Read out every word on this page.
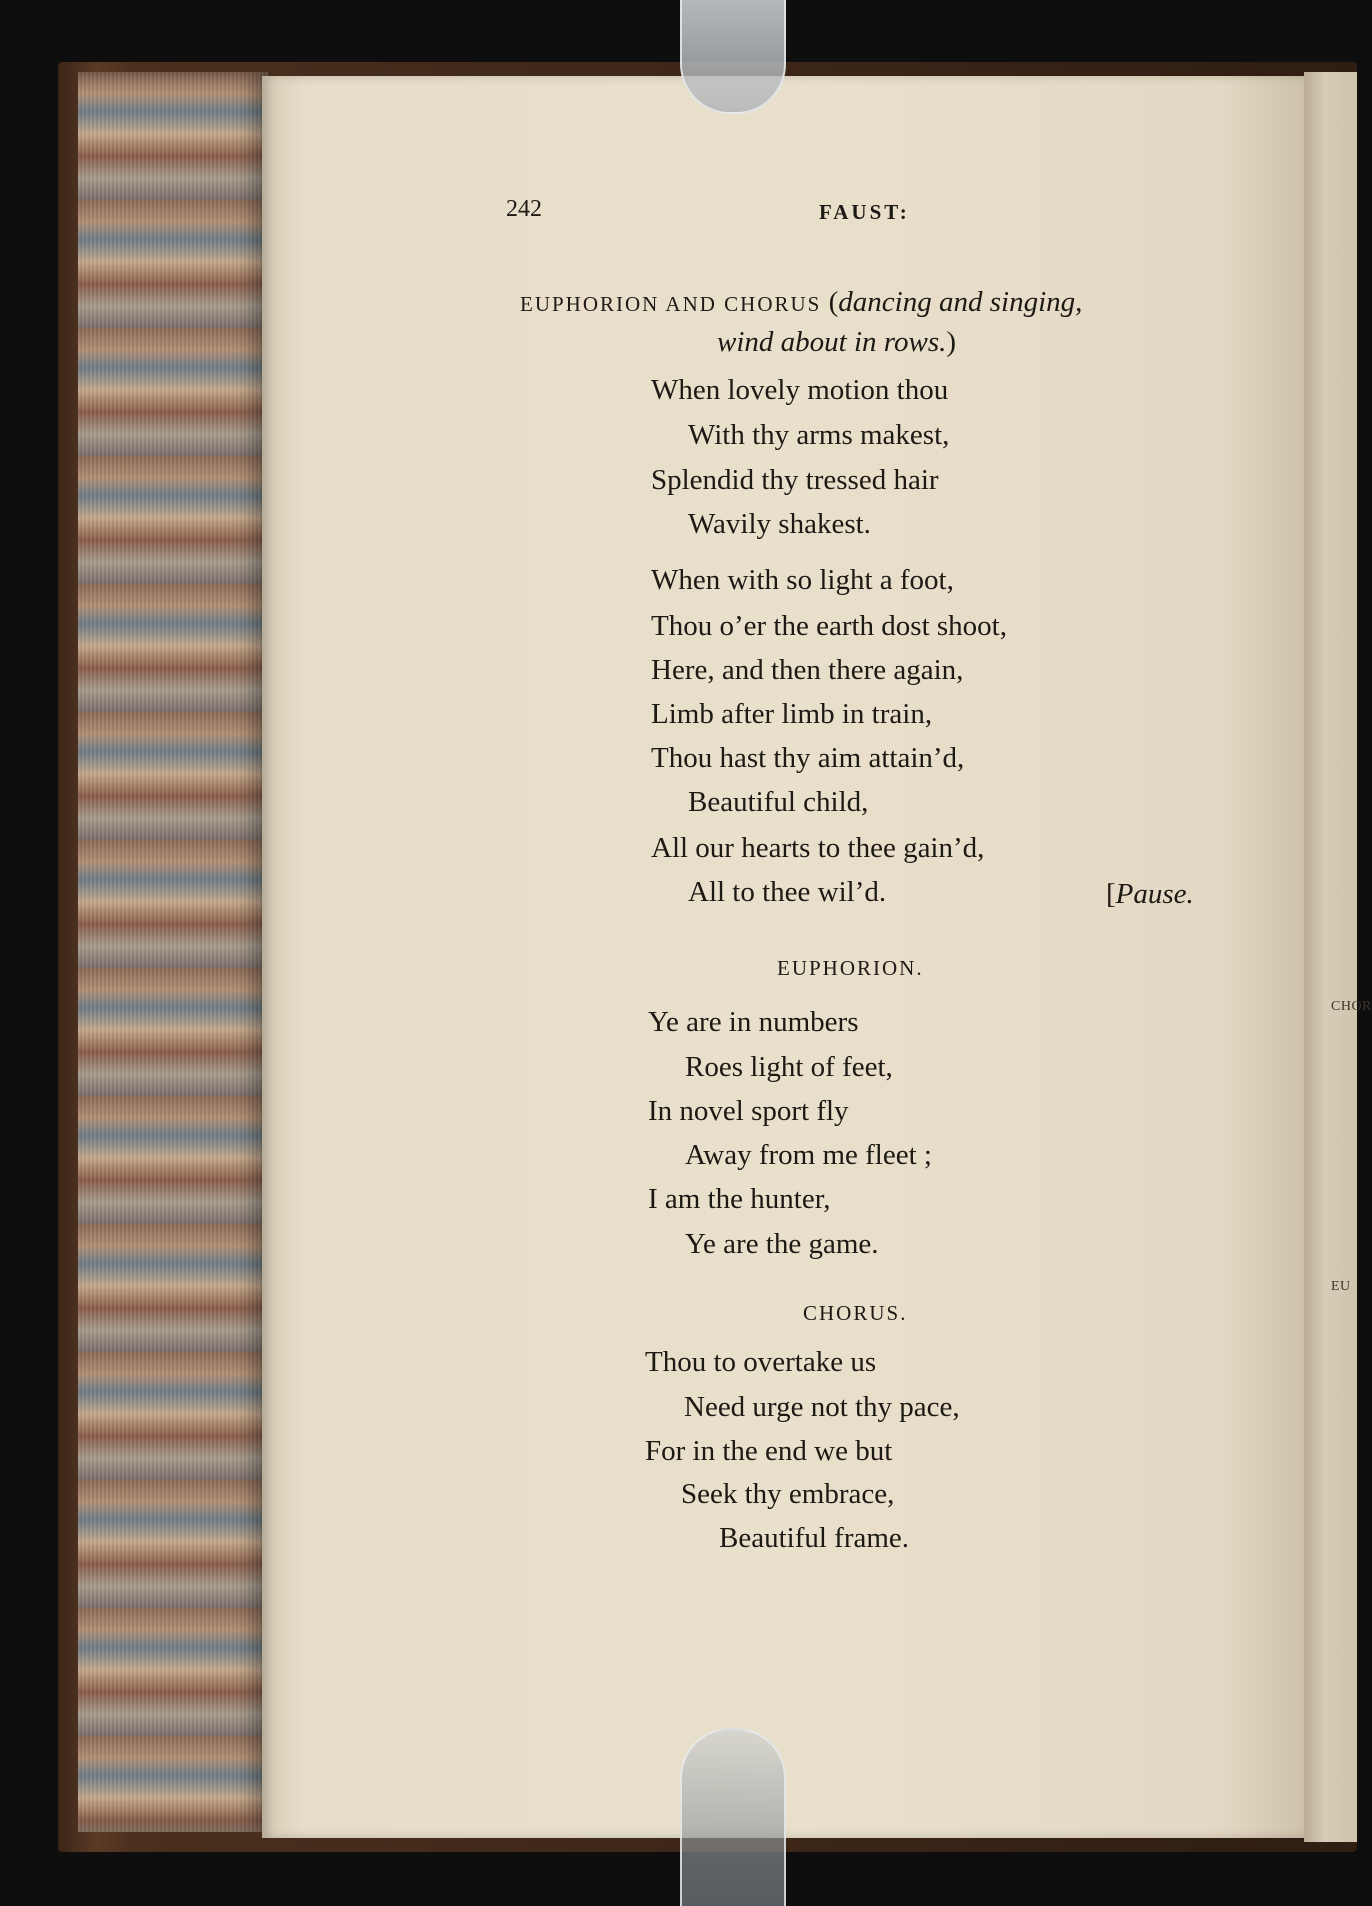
CHOR
EU
242	FAUST:
EUPHORION AND CHORUS (dancing and singing,
wind about in rows.)
When lovely motion thou
With thy arms makest,
Splendid thy tressed hair
Wavily shakest.
When with so light a foot,
Thou o’er the earth dost shoot,
Here, and then there again,
Limb after limb in train,
Thou hast thy aim attain’d,
Beautiful child,
All our hearts to thee gain’d,
All to thee wil’d.	[Pause.
EUPHORION.
Ye are in numbers
Roes light of feet,
In novel sport fly
Away from me fleet ;
I am the hunter,
Ye are the game.
CHORUS.
Thou to overtake us
Need urge not thy pace,
For in the end we but
Seek thy embrace,
Beautiful frame.
